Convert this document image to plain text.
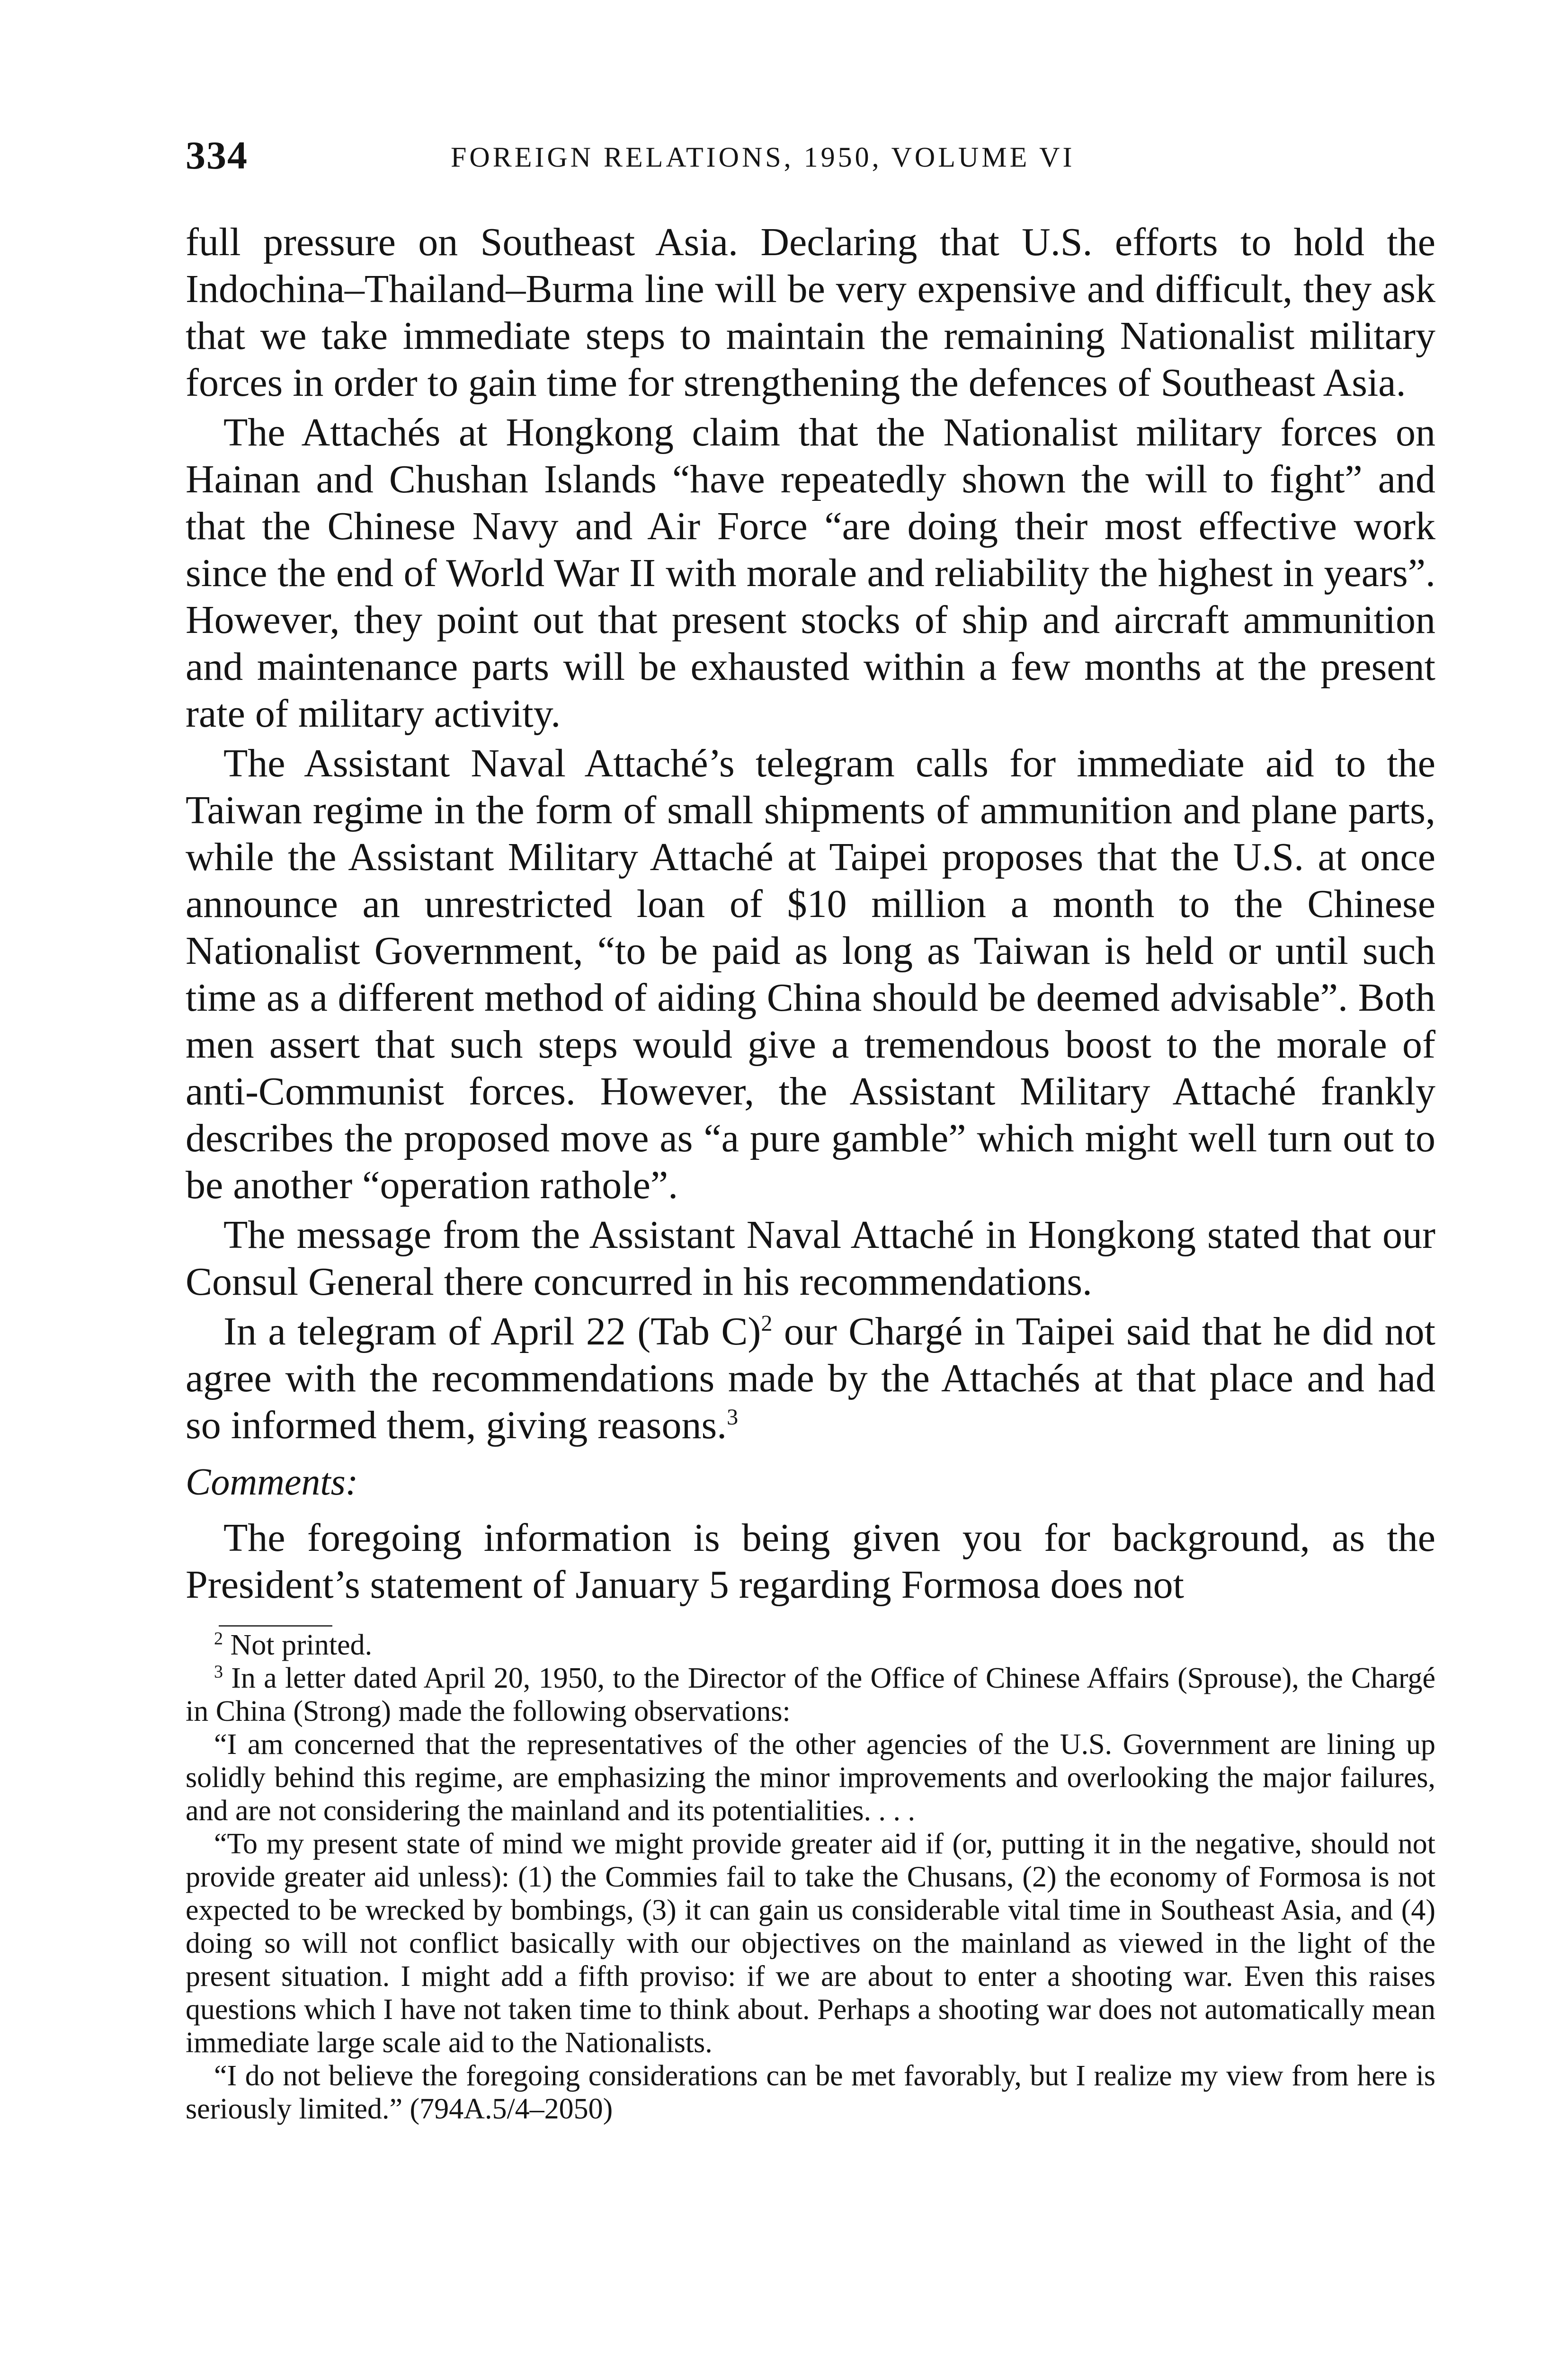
334	FOREIGN RELATIONS, 1950, VOLUME VI

full pressure on Southeast Asia. Declaring that U.S. efforts to hold the Indochina–Thailand–Burma line will be very expensive and difficult, they ask that we take immediate steps to maintain the remaining Nationalist military forces in order to gain time for strengthening the defences of Southeast Asia.

The Attachés at Hongkong claim that the Nationalist military forces on Hainan and Chushan Islands “have repeatedly shown the will to fight” and that the Chinese Navy and Air Force “are doing their most effective work since the end of World War II with morale and reliability the highest in years”. However, they point out that present stocks of ship and aircraft ammunition and maintenance parts will be exhausted within a few months at the present rate of military activity.

The Assistant Naval Attaché’s telegram calls for immediate aid to the Taiwan regime in the form of small shipments of ammunition and plane parts, while the Assistant Military Attaché at Taipei proposes that the U.S. at once announce an unrestricted loan of $10 million a month to the Chinese Nationalist Government, “to be paid as long as Taiwan is held or until such time as a different method of aiding China should be deemed advisable”. Both men assert that such steps would give a tremendous boost to the morale of anti-Communist forces. However, the Assistant Military Attaché frankly describes the proposed move as “a pure gamble” which might well turn out to be another “operation rathole”.

The message from the Assistant Naval Attaché in Hongkong stated that our Consul General there concurred in his recommendations.

In a telegram of April 22 (Tab C)$^2$ our Chargé in Taipei said that he did not agree with the recommendations made by the Attachés at that place and had so informed them, giving reasons.$^3$

Comments:

The foregoing information is being given you for background, as the President’s statement of January 5 regarding Formosa does not

$^2$ Not printed.

$^3$ In a letter dated April 20, 1950, to the Director of the Office of Chinese Affairs (Sprouse), the Chargé in China (Strong) made the following observations:

“I am concerned that the representatives of the other agencies of the U.S. Government are lining up solidly behind this regime, are emphasizing the minor improvements and overlooking the major failures, and are not considering the mainland and its potentialities. . . .

“To my present state of mind we might provide greater aid if (or, putting it in the negative, should not provide greater aid unless): (1) the Commies fail to take the Chusans, (2) the economy of Formosa is not expected to be wrecked by bombings, (3) it can gain us considerable vital time in Southeast Asia, and (4) doing so will not conflict basically with our objectives on the mainland as viewed in the light of the present situation. I might add a fifth proviso: if we are about to enter a shooting war. Even this raises questions which I have not taken time to think about. Perhaps a shooting war does not automatically mean immediate large scale aid to the Nationalists.

“I do not believe the foregoing considerations can be met favorably, but I realize my view from here is seriously limited.” (794A.5/4–2050)
